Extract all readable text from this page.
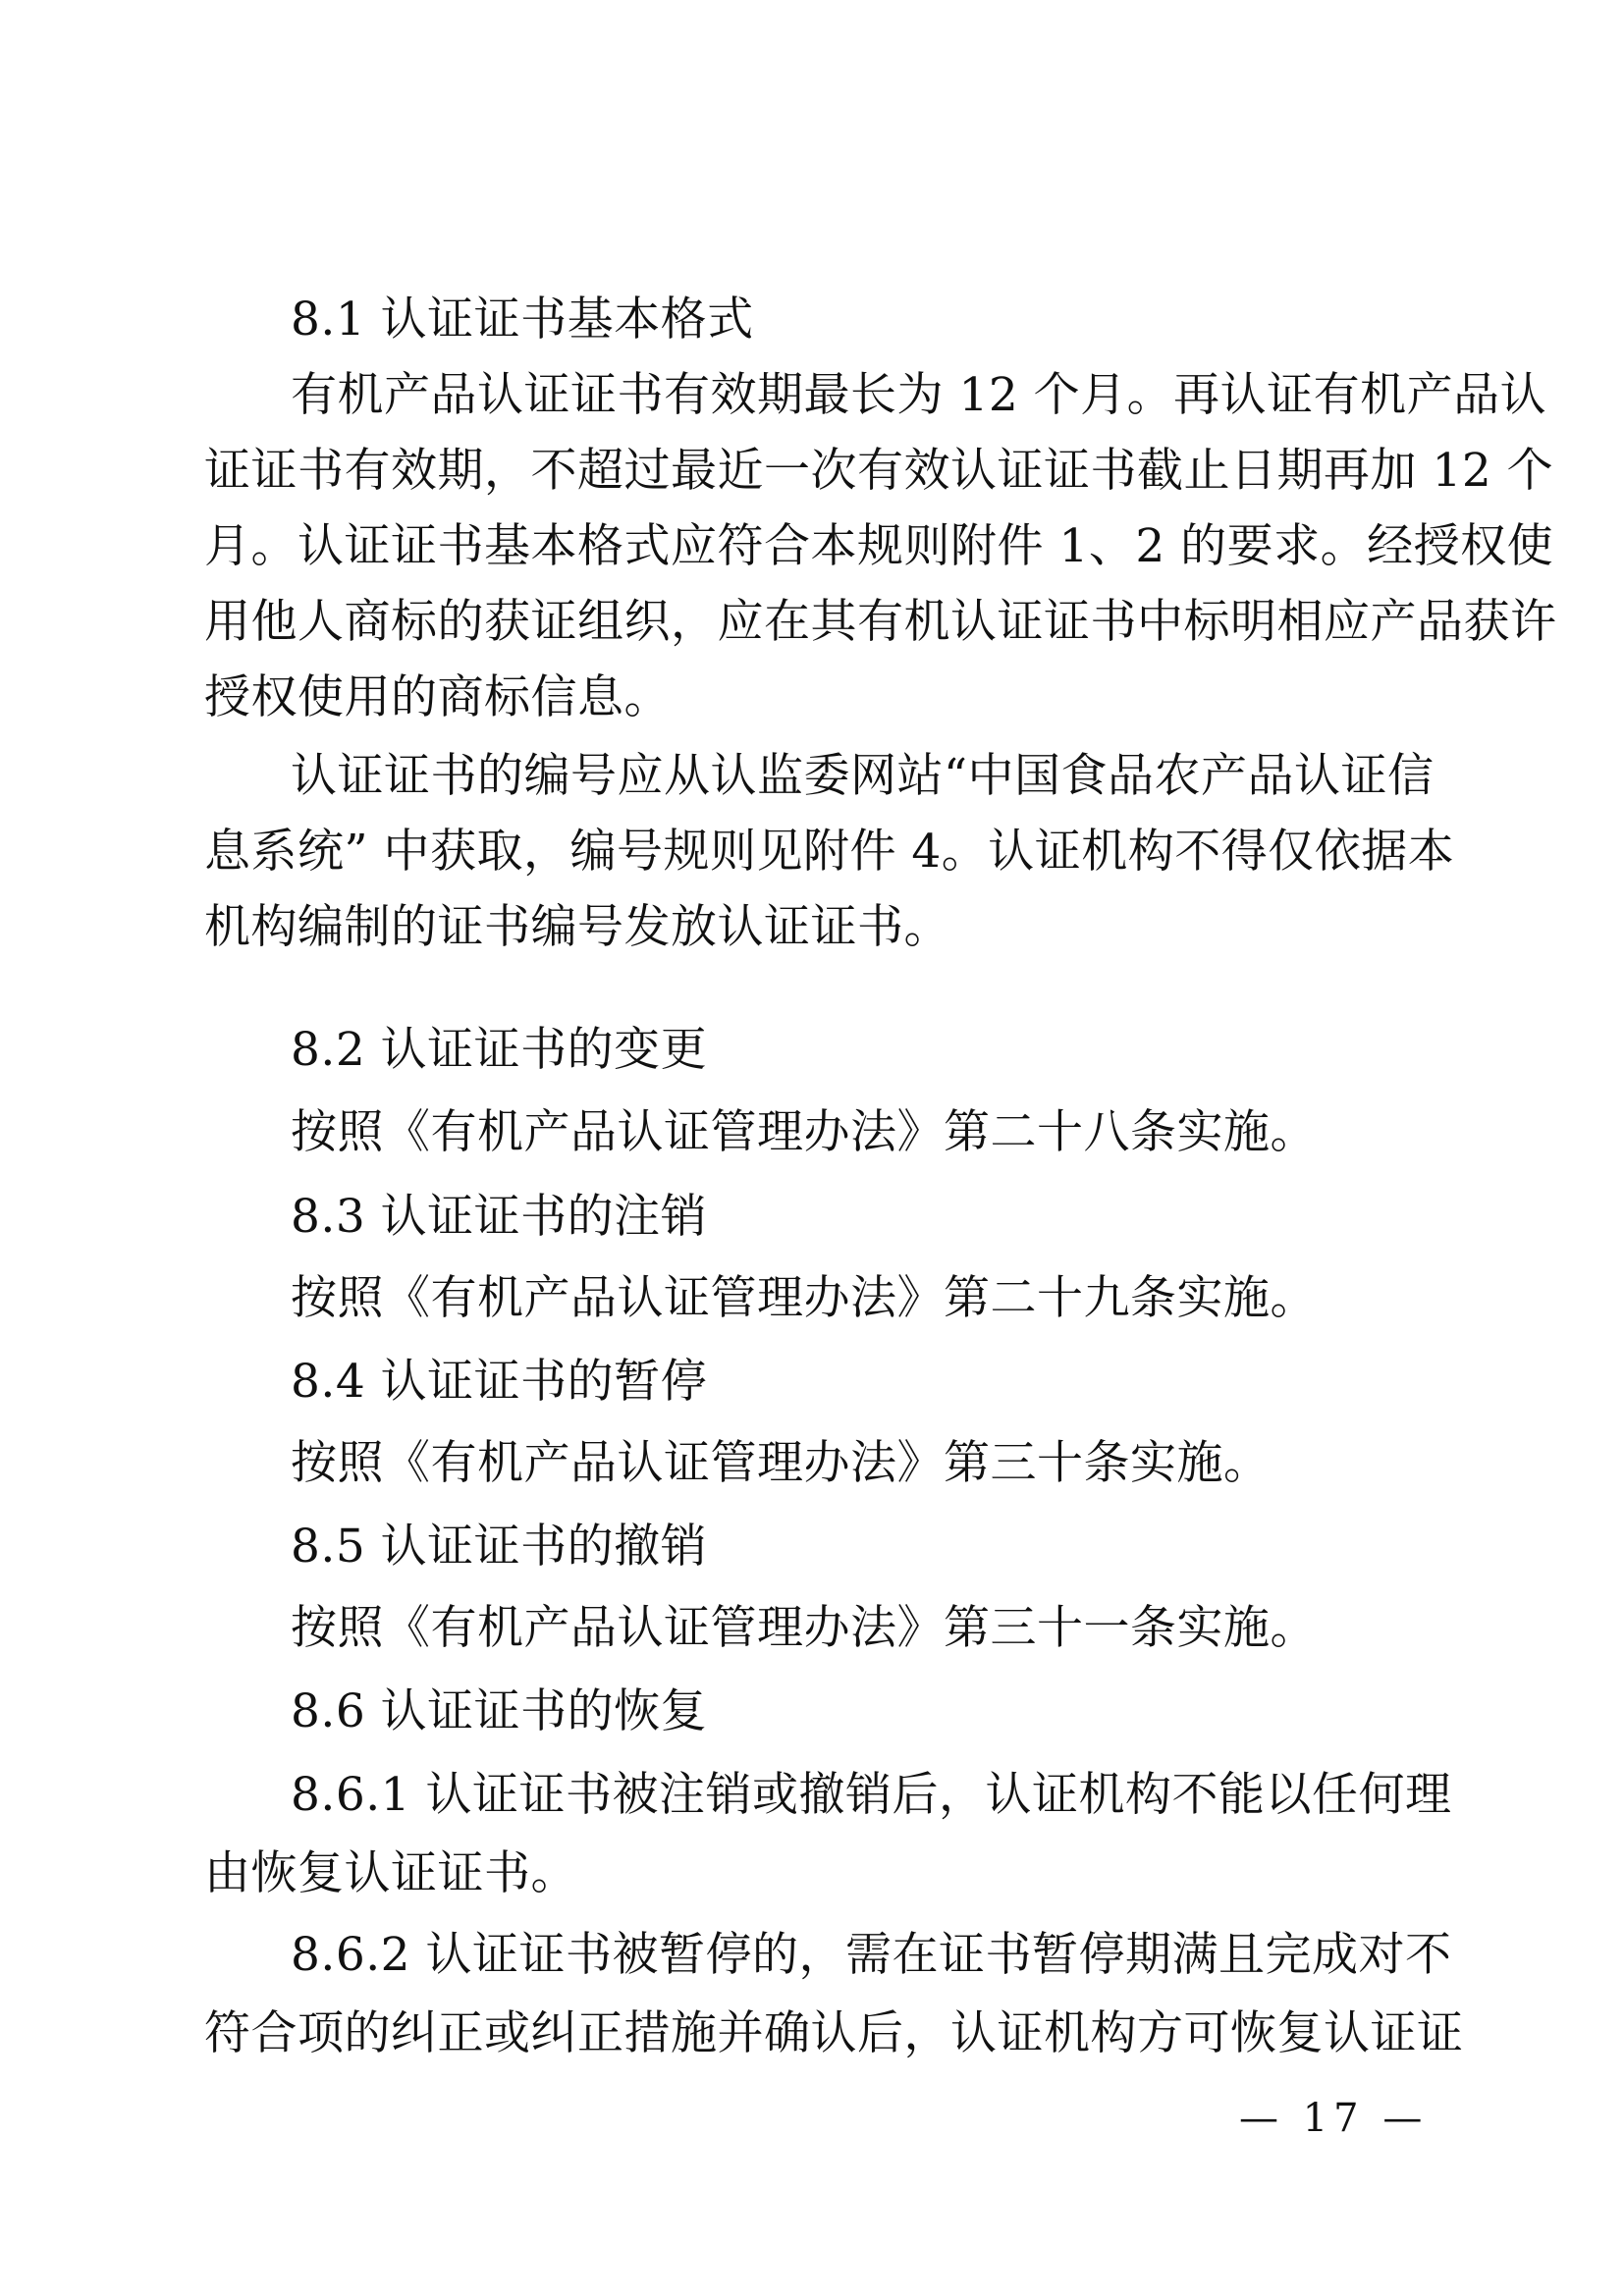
8.1 认证证书基本格式
有机产品认证证书有效期最长为 12 个月。再认证有机产品认
证证书有效期，不超过最近一次有效认证证书截止日期再加 12 个
月。认证证书基本格式应符合本规则附件 1、2 的要求。经授权使
用他人商标的获证组织，应在其有机认证证书中标明相应产品获许
授权使用的商标信息。
认证证书的编号应从认监委网站“中国食品农产品认证信
息系统” 中获取，编号规则见附件 4。认证机构不得仅依据本
机构编制的证书编号发放认证证书。
8.2 认证证书的变更
按照《有机产品认证管理办法》第二十八条实施。
8.3 认证证书的注销
按照《有机产品认证管理办法》第二十九条实施。
8.4 认证证书的暂停
按照《有机产品认证管理办法》第三十条实施。
8.5 认证证书的撤销
按照《有机产品认证管理办法》第三十一条实施。
8.6 认证证书的恢复
8.6.1 认证证书被注销或撤销后，认证机构不能以任何理
由恢复认证证书。
8.6.2 认证证书被暂停的，需在证书暂停期满且完成对不
符合项的纠正或纠正措施并确认后，认证机构方可恢复认证证
— 17 —
